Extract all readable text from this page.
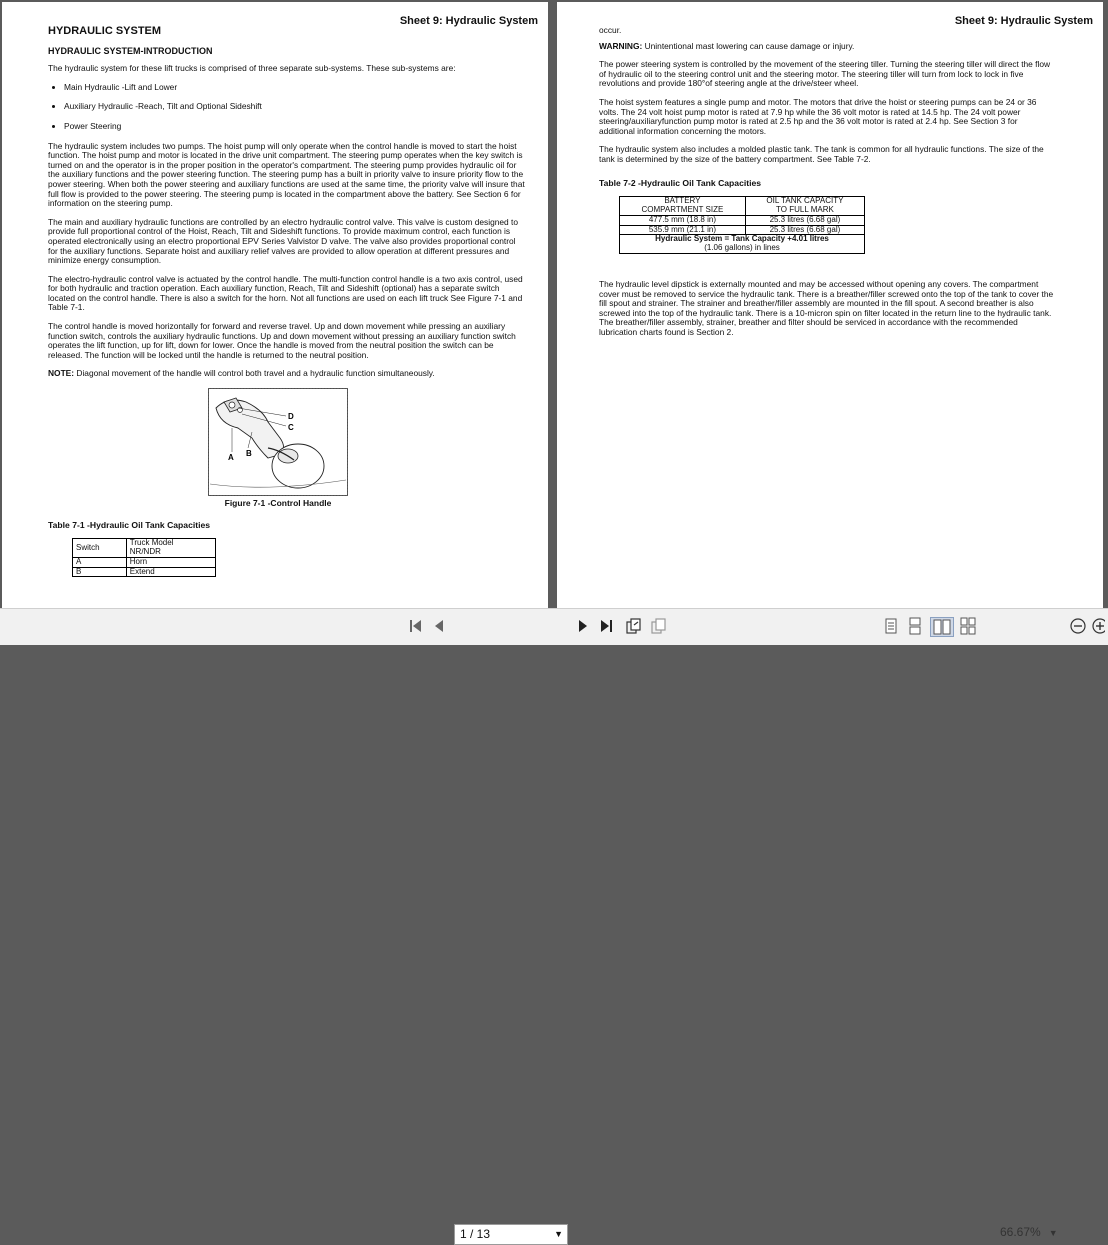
Sheet 9: Hydraulic System
HYDRAULIC SYSTEM
HYDRAULIC SYSTEM-INTRODUCTION

The hydraulic system for these lift trucks is comprised of three separate sub-systems. These sub-systems are:

• Main Hydraulic -Lift and Lower
• Auxiliary Hydraulic -Reach, Tilt and Optional Sideshift
• Power Steering

The hydraulic system includes two pumps. The hoist pump will only operate when the control handle is moved to start the hoist function. The hoist pump and motor is located in the drive unit compartment. The steering pump operates when the key switch is turned on and the operator is in the proper position in the operator's compartment. The steering pump provides hydraulic oil for the auxiliary functions and the power steering function. The steering pump has a built in priority valve to insure priority flow to the power steering. When both the power steering and auxiliary functions are used at the same time, the priority valve will insure that full flow is provided to the power steering. The steering pump is located in the compartment above the battery. See Section 6 for information on the steering pump.

The main and auxiliary hydraulic functions are controlled by an electro hydraulic control valve. This valve is custom designed to provide full proportional control of the Hoist, Reach, Tilt and Sideshift functions. To provide maximum control, each function is operated electronically using an electro proportional EPV Series Valvistor D valve. The valve also provides proportional control for the auxiliary functions. Separate hoist and auxiliary relief valves are provided to allow operation at different pressures and minimize energy consumption.

The electro-hydraulic control valve is actuated by the control handle. The multi-function control handle is a two axis control, used for both hydraulic and traction operation. Each auxiliary function, Reach, Tilt and Sideshift (optional) has a separate switch located on the control handle. There is also a switch for the horn. Not all functions are used on each lift truck See Figure 7-1 and Table 7-1.

The control handle is moved horizontally for forward and reverse travel. Up and down movement while pressing an auxiliary function switch, controls the auxiliary hydraulic functions. Up and down movement without pressing an auxiliary function switch operates the lift function, up for lift, down for lower. Once the handle is moved from the neutral position the switch can be released. The function will be locked until the handle is returned to the neutral position.

NOTE: Diagonal movement of the handle will control both travel and a hydraulic function simultaneously.

D
C
A B
Figure 7-1 -Control Handle
Table 7-1 -Hydraulic Oil Tank Capacities
Switch	Truck Model
NR/NDR
A	Horn
B	Extend
Sheet 9: Hydraulic System

occur.

WARNING: Unintentional mast lowering can cause damage or injury.

The power steering system is controlled by the movement of the steering tiller. Turning the steering tiller will direct the flow of hydraulic oil to the steering control unit and the steering motor. The steering tiller will turn from lock to lock in five revolutions and provide 180°of steering angle at the drive/steer wheel.

The hoist system features a single pump and motor. The motors that drive the hoist or steering pumps can be 24 or 36 volts. The 24 volt hoist pump motor is rated at 7.9 hp while the 36 volt motor is rated at 14.5 hp. The 24 volt power steering/auxiliaryfunction pump motor is rated at 2.5 hp and the 36 volt motor is rated at 2.4 hp. See Section 3 for additional information concerning the motors.

The hydraulic system also includes a molded plastic tank. The tank is common for all hydraulic functions. The size of the tank is determined by the size of the battery compartment. See Table 7-2.

Table 7-2 -Hydraulic Oil Tank Capacities
BATTERY
COMPARTMENT SIZE	OIL TANK CAPACITY
TO FULL MARK
477.5 mm (18.8 in)	25.3 litres (6.68 gal)
535.9 mm (21.1 in)	25.3 litres (6.68 gal)
Hydraulic System = Tank Capacity +4.01 litres
(1.06 gallons) in lines	

The hydraulic level dipstick is externally mounted and may be accessed without opening any covers. The compartment cover must be removed to service the hydraulic tank. There is a breather/filler screwed onto the top of the tank to cover the fill spout and strainer. The strainer and breather/filler assembly are mounted in the fill spout. A second breather is also screwed into the top of the hydraulic tank. There is a 10-micron spin on filter located in the return line to the hydraulic tank. The breather/filler assembly, strainer, breather and filter should be serviced in accordance with the recommended lubrication charts found is Section 2.

1 / 13	▼	66.67% ▼
